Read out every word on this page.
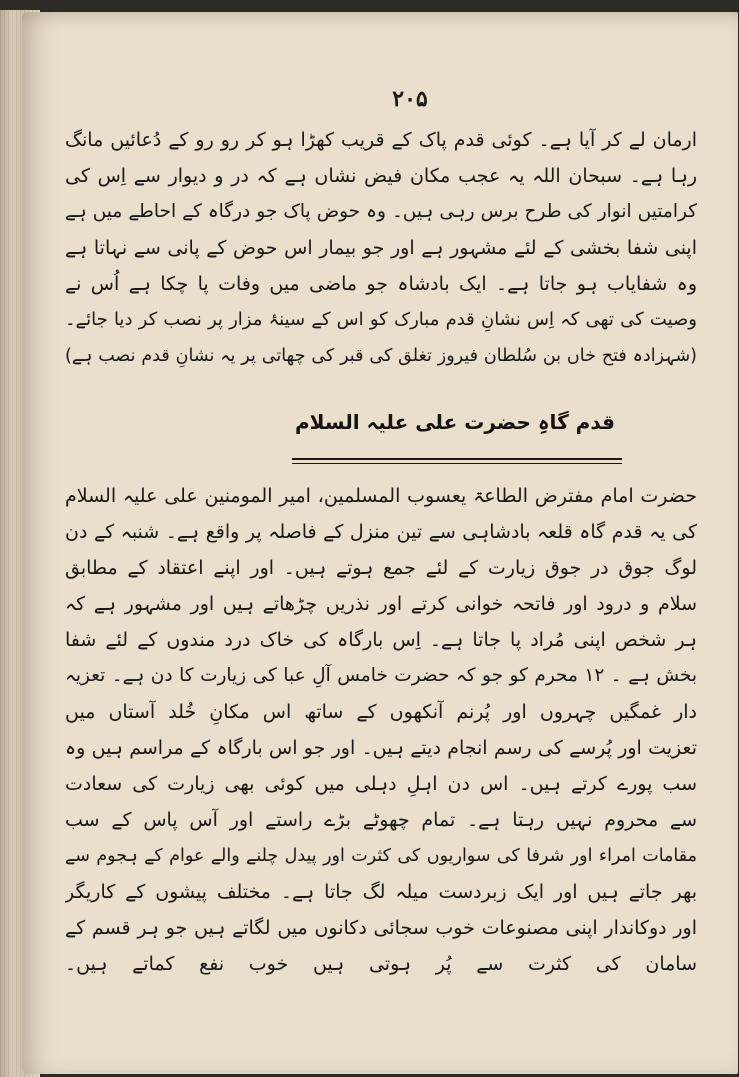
۲۰۵
ارمان لے کر آیا ہے۔ کوئی قدم پاک کے قریب کھڑا ہو کر رو رو کے دُعائیں مانگ
رہا ہے۔ سبحان اللہ یہ عجب مکان فیض نشاں ہے کہ در و دیوار سے اِس کی
کرامتیں انوار کی طرح برس رہی ہیں۔ وہ حوض پاک جو درگاہ کے احاطے میں ہے
اپنی شفا بخشی کے لئے مشہور ہے اور جو بیمار اس حوض کے پانی سے نہاتا ہے
وہ شفایاب ہو جاتا ہے۔ ایک بادشاہ جو ماضی میں وفات پا چکا ہے اُس نے
وصیت کی تھی کہ اِس نشانِ قدم مبارک کو اس کے سینۂ مزار پر نصب کر دیا جائے۔
(شہزادہ فتح خاں بن سُلطان فیروز تغلق کی قبر کی چھاتی پر یہ نشانِ قدم نصب ہے)
قدم گاہِ حضرت علی علیہ السلام
حضرت امام مفترض الطاعۃ یعسوب المسلمین، امیر المومنین علی علیہ السلام
کی یہ قدم گاہ قلعہ بادشاہی سے تین منزل کے فاصلہ پر واقع ہے۔ شنبہ کے دن
لوگ جوق در جوق زیارت کے لئے جمع ہوتے ہیں۔ اور اپنے اعتقاد کے مطابق
سلام و درود اور فاتحہ خوانی کرتے اور نذریں چڑھاتے ہیں اور مشہور ہے کہ
ہر شخص اپنی مُراد پا جاتا ہے۔ اِس بارگاہ کی خاک درد مندوں کے لئے شفا
بخش ہے ۔ ۱۲ محرم کو جو کہ حضرت خامس آلِ عبا کی زیارت کا دن ہے۔ تعزیہ
دار غمگیں چہروں اور پُرنم آنکھوں کے ساتھ اس مکانِ خُلد آستاں میں
تعزیت اور پُرسے کی رسم انجام دیتے ہیں۔ اور جو اس بارگاہ کے مراسم ہیں وہ
سب پورے کرتے ہیں۔ اس دن اہلِ دہلی میں کوئی بھی زیارت کی سعادت
سے محروم نہیں رہتا ہے۔ تمام چھوٹے بڑے راستے اور آس پاس کے سب
مقامات امراء اور شرفا کی سواریوں کی کثرت اور پیدل چلنے والے عوام کے ہجوم سے
بھر جاتے ہیں اور ایک زبردست میلہ لگ جاتا ہے۔ مختلف پیشوں کے کاریگر
اور دوکاندار اپنی مصنوعات خوب سجائی دکانوں میں لگاتے ہیں جو ہر قسم کے
سامان کی کثرت سے پُر ہوتی ہیں خوب نفع کماتے ہیں۔
